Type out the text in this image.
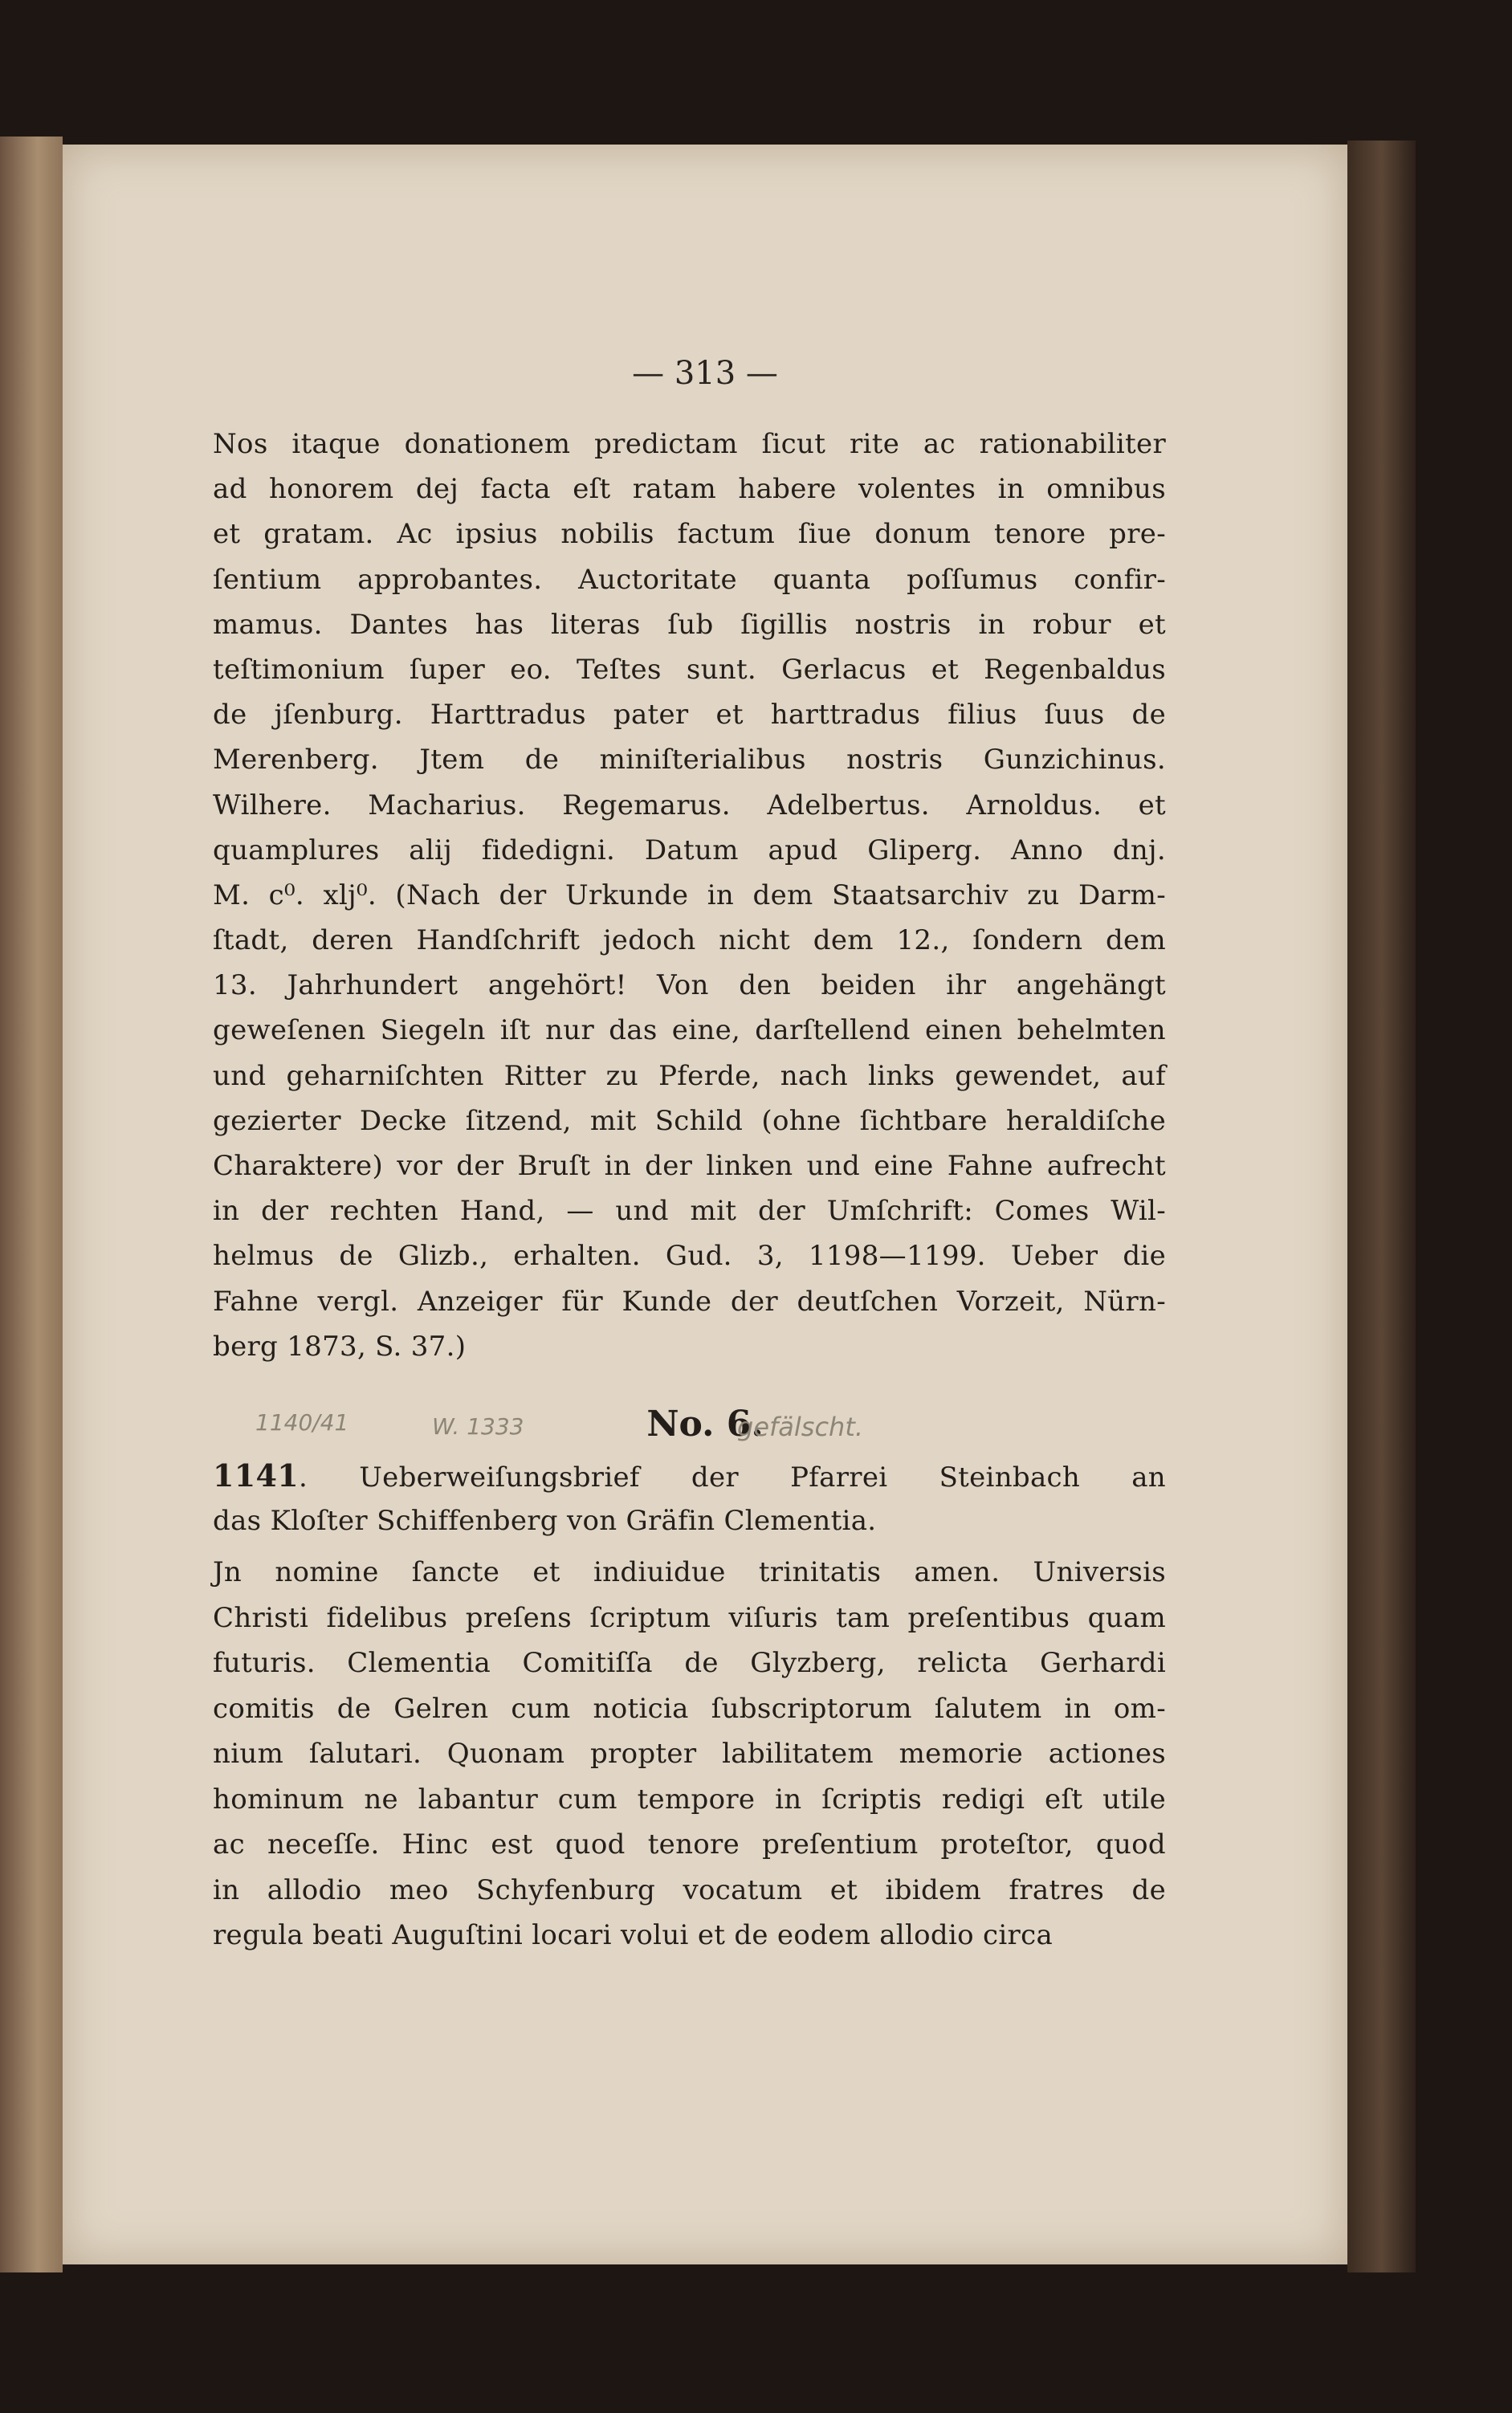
— 313 —
Nos itaque donationem predictam ſicut rite ac rationabiliter
ad honorem dej facta eſt ratam habere volentes in omnibus
et gratam. Ac ipsius nobilis factum ſiue donum tenore pre-
ſentium approbantes. Auctoritate quanta poſſumus confir-
mamus. Dantes has literas ſub ſigillis nostris in robur et
teſtimonium ſuper eo. Teſtes sunt. Gerlacus et Regenbaldus
de jſenburg. Harttradus pater et harttradus filius ſuus de
Merenberg. Jtem de miniſterialibus nostris Gunzichinus.
Wilhere. Macharius. Regemarus. Adelbertus. Arnoldus. et
quamplures alij fidedigni. Datum apud Gliperg. Anno dnj.
M. c⁰. xlj⁰. (Nach der Urkunde in dem Staatsarchiv zu Darm-
ſtadt, deren Handſchrift jedoch nicht dem 12., ſondern dem
13. Jahrhundert angehört! Von den beiden ihr angehängt
geweſenen Siegeln iſt nur das eine, darſtellend einen behelmten
und geharniſchten Ritter zu Pferde, nach links gewendet, auf
gezierter Decke ſitzend, mit Schild (ohne ſichtbare heraldiſche
Charaktere) vor der Bruſt in der linken und eine Fahne aufrecht
in der rechten Hand, — und mit der Umſchrift: Comes Wil-
helmus de Glizb., erhalten. Gud. 3, 1198—1199. Ueber die
Fahne vergl. Anzeiger für Kunde der deutſchen Vorzeit, Nürn-
berg 1873, S. 37.)
1140/41	W. 1333	No. 6.
gefälscht.
1141. Ueberweiſungsbrief der Pfarrei Steinbach an
das Kloſter Schiffenberg von Gräfin Clementia.
Jn nomine ſancte et indiuidue trinitatis amen. Universis
Christi fidelibus preſens ſcriptum viſuris tam preſentibus quam
futuris. Clementia Comitiſſa de Glyzberg, relicta Gerhardi
comitis de Gelren cum noticia ſubscriptorum ſalutem in om-
nium ſalutari. Quonam propter labilitatem memorie actiones
hominum ne labantur cum tempore in ſcriptis redigi eſt utile
ac neceſſe. Hinc est quod tenore preſentium proteſtor, quod
in allodio meo Schyfenburg vocatum et ibidem fratres de
regula beati Auguſtini locari volui et de eodem allodio circa
